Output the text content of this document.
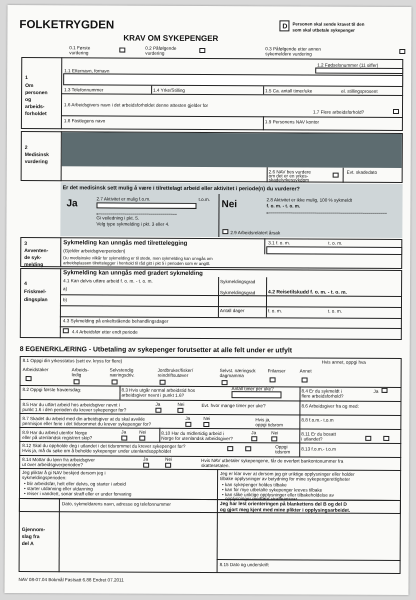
FOLKETRYGDEN
KRAV OM SYKEPENGER
D Personen skal sende kravet til den
som skal utbetale sykepenger
0.1 Første
vurdering
0.2 Påfølgende
vurdering
0.3 Påfølgende etter annen
sykemeldere vurdering
1
Om
personen
og
arbeids-
forholdet
1.2 Fødselsnummer (11 siffer)
1.1 Etternavn, fornavn
1.3 Telefonnummer	1.4 Yrke/Stilling	1.5 Ca. antall timer/uke	el. stillingsprosent
1.6 Arbeidsgivers navn i det arbeidsforholdet denne attesten gjelder for
1.7 Flere arbeidsforhold?
1.8 Fastlegens navn	1.9 Personens NAV kontor
2
Medisinsk
vurdering
2.6 NAV bes vurdere
om det er en yrkes-
skade/yrkessykdom
Evt. skadedato
Er det medisinsk sett mulig å være i tilrettelagt arbeid eller aktivitet i periode(n) du vurderer?
Ja	2.7 Aktivitet er mulig f.o.m.	t.o.m. Nei	2.8 Aktivitet er ikke mulig, 100 % sykmeldt
f. o. m. - t. o. m.
Gi veiledning i pkt. 5.
Velg type sykmelding i pkt. 3 eller 4.
2.9 Arbeidsrelatert årsak
3
Avventen-
de syk-
melding
Sykmelding kan unngås med tilrettelegging
(Gjelder arbeidsgiverperioden)
Du medisinske vilkår for sykmelding er til stede, men sykmelding kan unngås om
arbeidsplassen tilrettelegger i henhold til råd gitt i pkt 5 i perioden som er angitt.
3.1 f. o. m.	t. o. m.
4
Friskmel-
dingsplan
Sykmelding kan unngås med gradert sykmelding
4.1 Kan delvis utføre arbeid f. o. m. - t. o. m.	Sykmeldingsgrad
a)
b)
Sykmeldingsgrad	4.2 Reisetilskudd f. o. m. - t. o. m.
Antall dager	f. o. m.	t. o. m.
4.3 Sykmelding på enkeltstående behandlingsdager
4.4 Arbeidsfør etter endt periode
8 EGENERKLÆRING - Utbetaling av sykepenger forutsetter at alle felt under er utfylt
8.1 Oppgi din yrkesstatus (sett ev. kryss for flere)	Hvis annet, oppgi hva
Arbeidstaker	Arbeids-
ledig
Selvstendig
næringsdriv.
Jordbruker/fisker/
reindriftsutøver
Selvst. næringsdr.
dagmamma
Frilanser	Annet
8.2 Oppgi første fraværsdag:	8.3 Hvis utgår normal arbeidstid hos
arbeidsgiver nevnt i punkt 1.6?
Antall timer per uke?	8.4 Er du sykmeldt i
flere arbeidsforhold?
Ja
8.5 Har du utført arbeid hos arbeidsgiver nevnt i
punkt 1.6 i den perioden du krever sykepenger for?
Ja	Nei	Evt. hvor mange timer per uke?	8.6 Arbeidsgiver fra og med:
8.7 Skadet du arbeid med din arbeidsgiver at du skal avvikle
permisjon eller ferie i det tidsrommet du krever sykepenger for?
Ja	Nei	Hvis ja,
oppgi tidsrom
8.8 f.o.m.- t.o.m
8.9 Har du arbeid utenfor Norge
eller på utenlandsk registrert skip?
Ja	Nei	8.10 Har du midlertidig arbeid i
Norge for utenlandsk arbeidsgiver?
Ja	Nei	8.11 Er du bosatt
i utlandet?
8.12 Skal du oppholde deg i utlandet i det tidsrommet du krever sykepenger for?
Hvis ja, må du søke om å beholde sykepenger under utenlandsoppholdet
Oppgi
tidsrom
8.13 f.o.m.- t.o.m
8.14 Mottar du lønn fra arbeidsgiver
ut over arbeidsgiverperioden?
Ja	Nei	Hvis NAV utbetaler sykepengene, får de overført bankontonummer fra
skattesetaten.
Jeg pliktar å gi NAV beskjed dersom jeg i
sykmeldingsperioden:
• blir arbeidsfør, helt eller delvis, og starter i arbeid
• starter utdanning eller utdanning
• reiser i vandrett, sonar straff eller er under forvaring
Jeg er klar over at dersom jeg gir uriktige opplysninger eller holder
tilbake opplysninger av betydning for mine sykepengerettigheter
• kan sykepenger holdes tilbake
• kan for mye utbetalte sykepenger kreves tilbake
• kan slike uriktige opplysninger eller tilbakeholdelse av
opplysninger medføre straffeansvar
Gjennom-
slag fra
del A
Dato, sykmeldarens navn, adresse og telefonnummer	Jeg har lest orienteringen på blankettens del B og del D
og gjort meg kjent med mine plikter i opplysingsarbeidet.
8.15 Dato og underskrift
NAV 08-07.04 Bokmål Fastsatt 6.88 Endret 07.2011
